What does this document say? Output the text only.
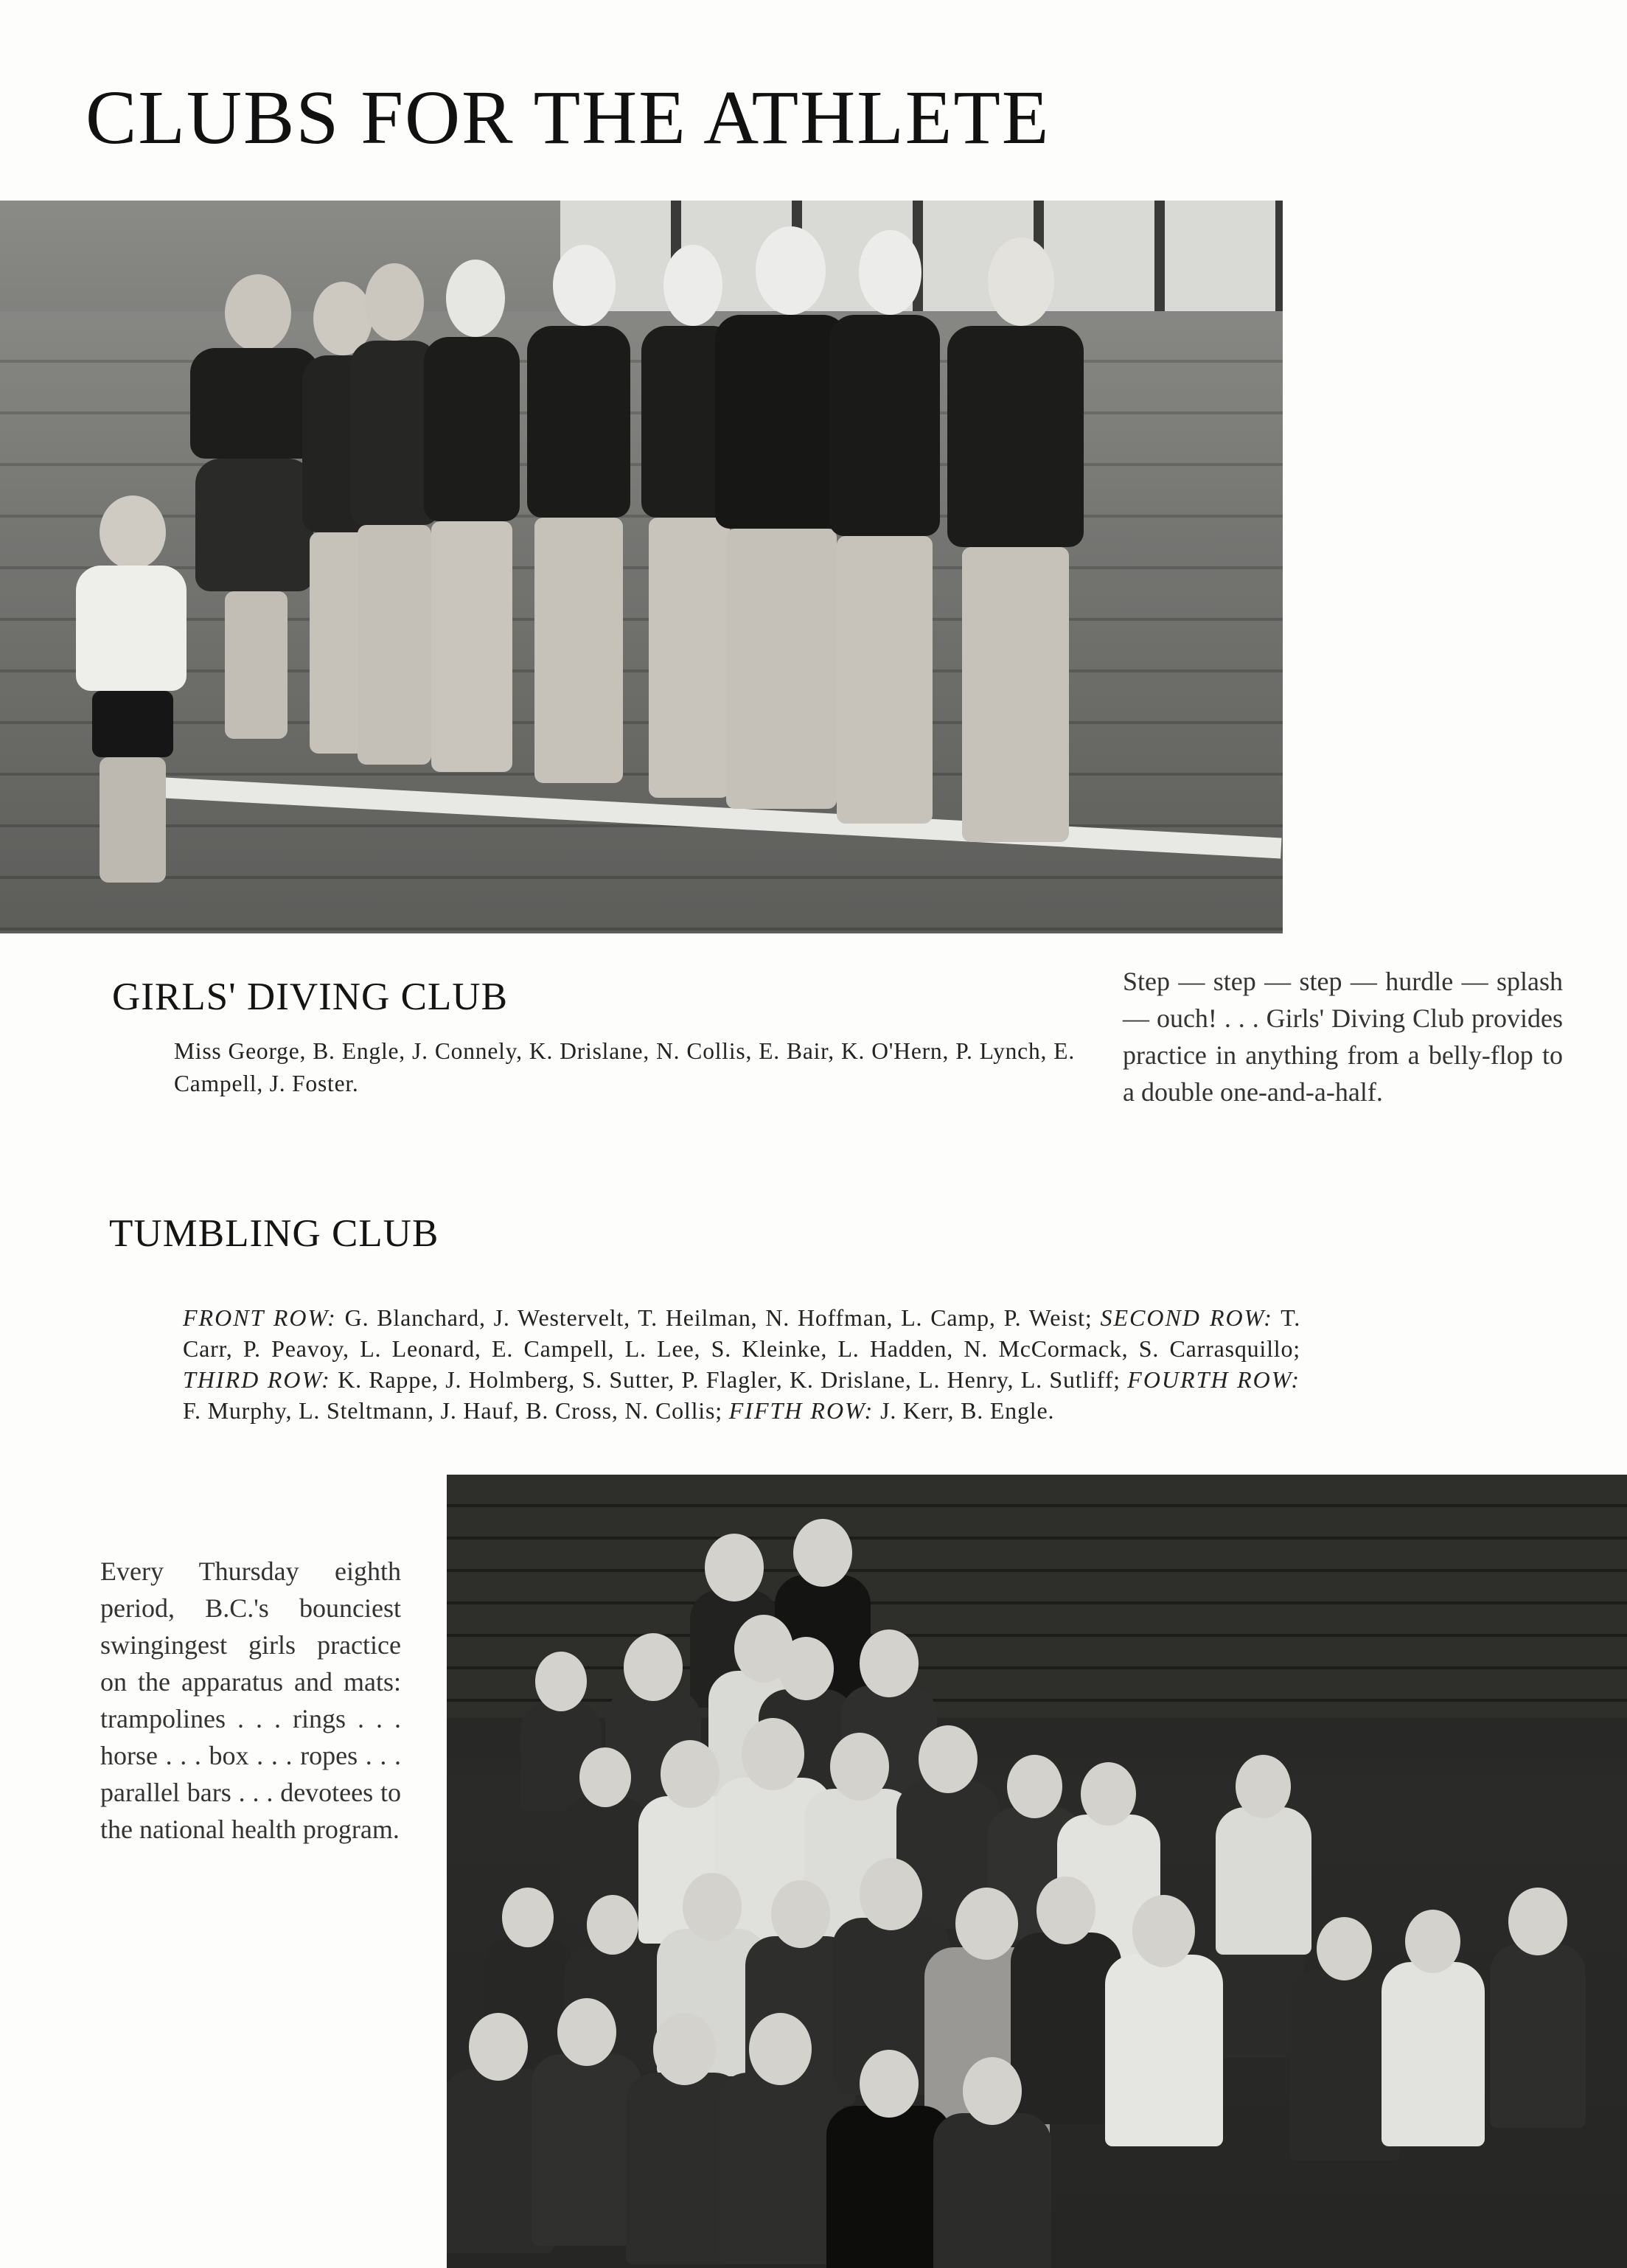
CLUBS FOR THE ATHLETE
GIRLS' DIVING CLUB
Miss George, B. Engle, J. Connely, K. Drislane, N. Collis, E. Bair, K. O'Hern, P. Lynch, E. Campell, J. Foster.
Step — step — step — hurdle — splash — ouch! . . . Girls' Diving Club provides practice in anything from a belly-flop to a double one-and-a-half.
TUMBLING CLUB
FRONT ROW: G. Blanchard, J. Westervelt, T. Heilman, N. Hoffman, L. Camp, P. Weist; SECOND ROW: T. Carr, P. Peavoy, L. Leonard, E. Campell, L. Lee, S. Kleinke, L. Hadden, N. McCormack, S. Carrasquillo; THIRD ROW: K. Rappe, J. Holmberg, S. Sutter, P. Flagler, K. Drislane, L. Henry, L. Sutliff; FOURTH ROW: F. Murphy, L. Steltmann, J. Hauf, B. Cross, N. Collis; FIFTH ROW: J. Kerr, B. Engle.
Every Thursday eighth period, B.C.'s bounciest swingingest girls practice on the apparatus and mats: trampolines . . . rings . . . horse . . . box . . . ropes . . . parallel bars . . . devotees to the national health program.
